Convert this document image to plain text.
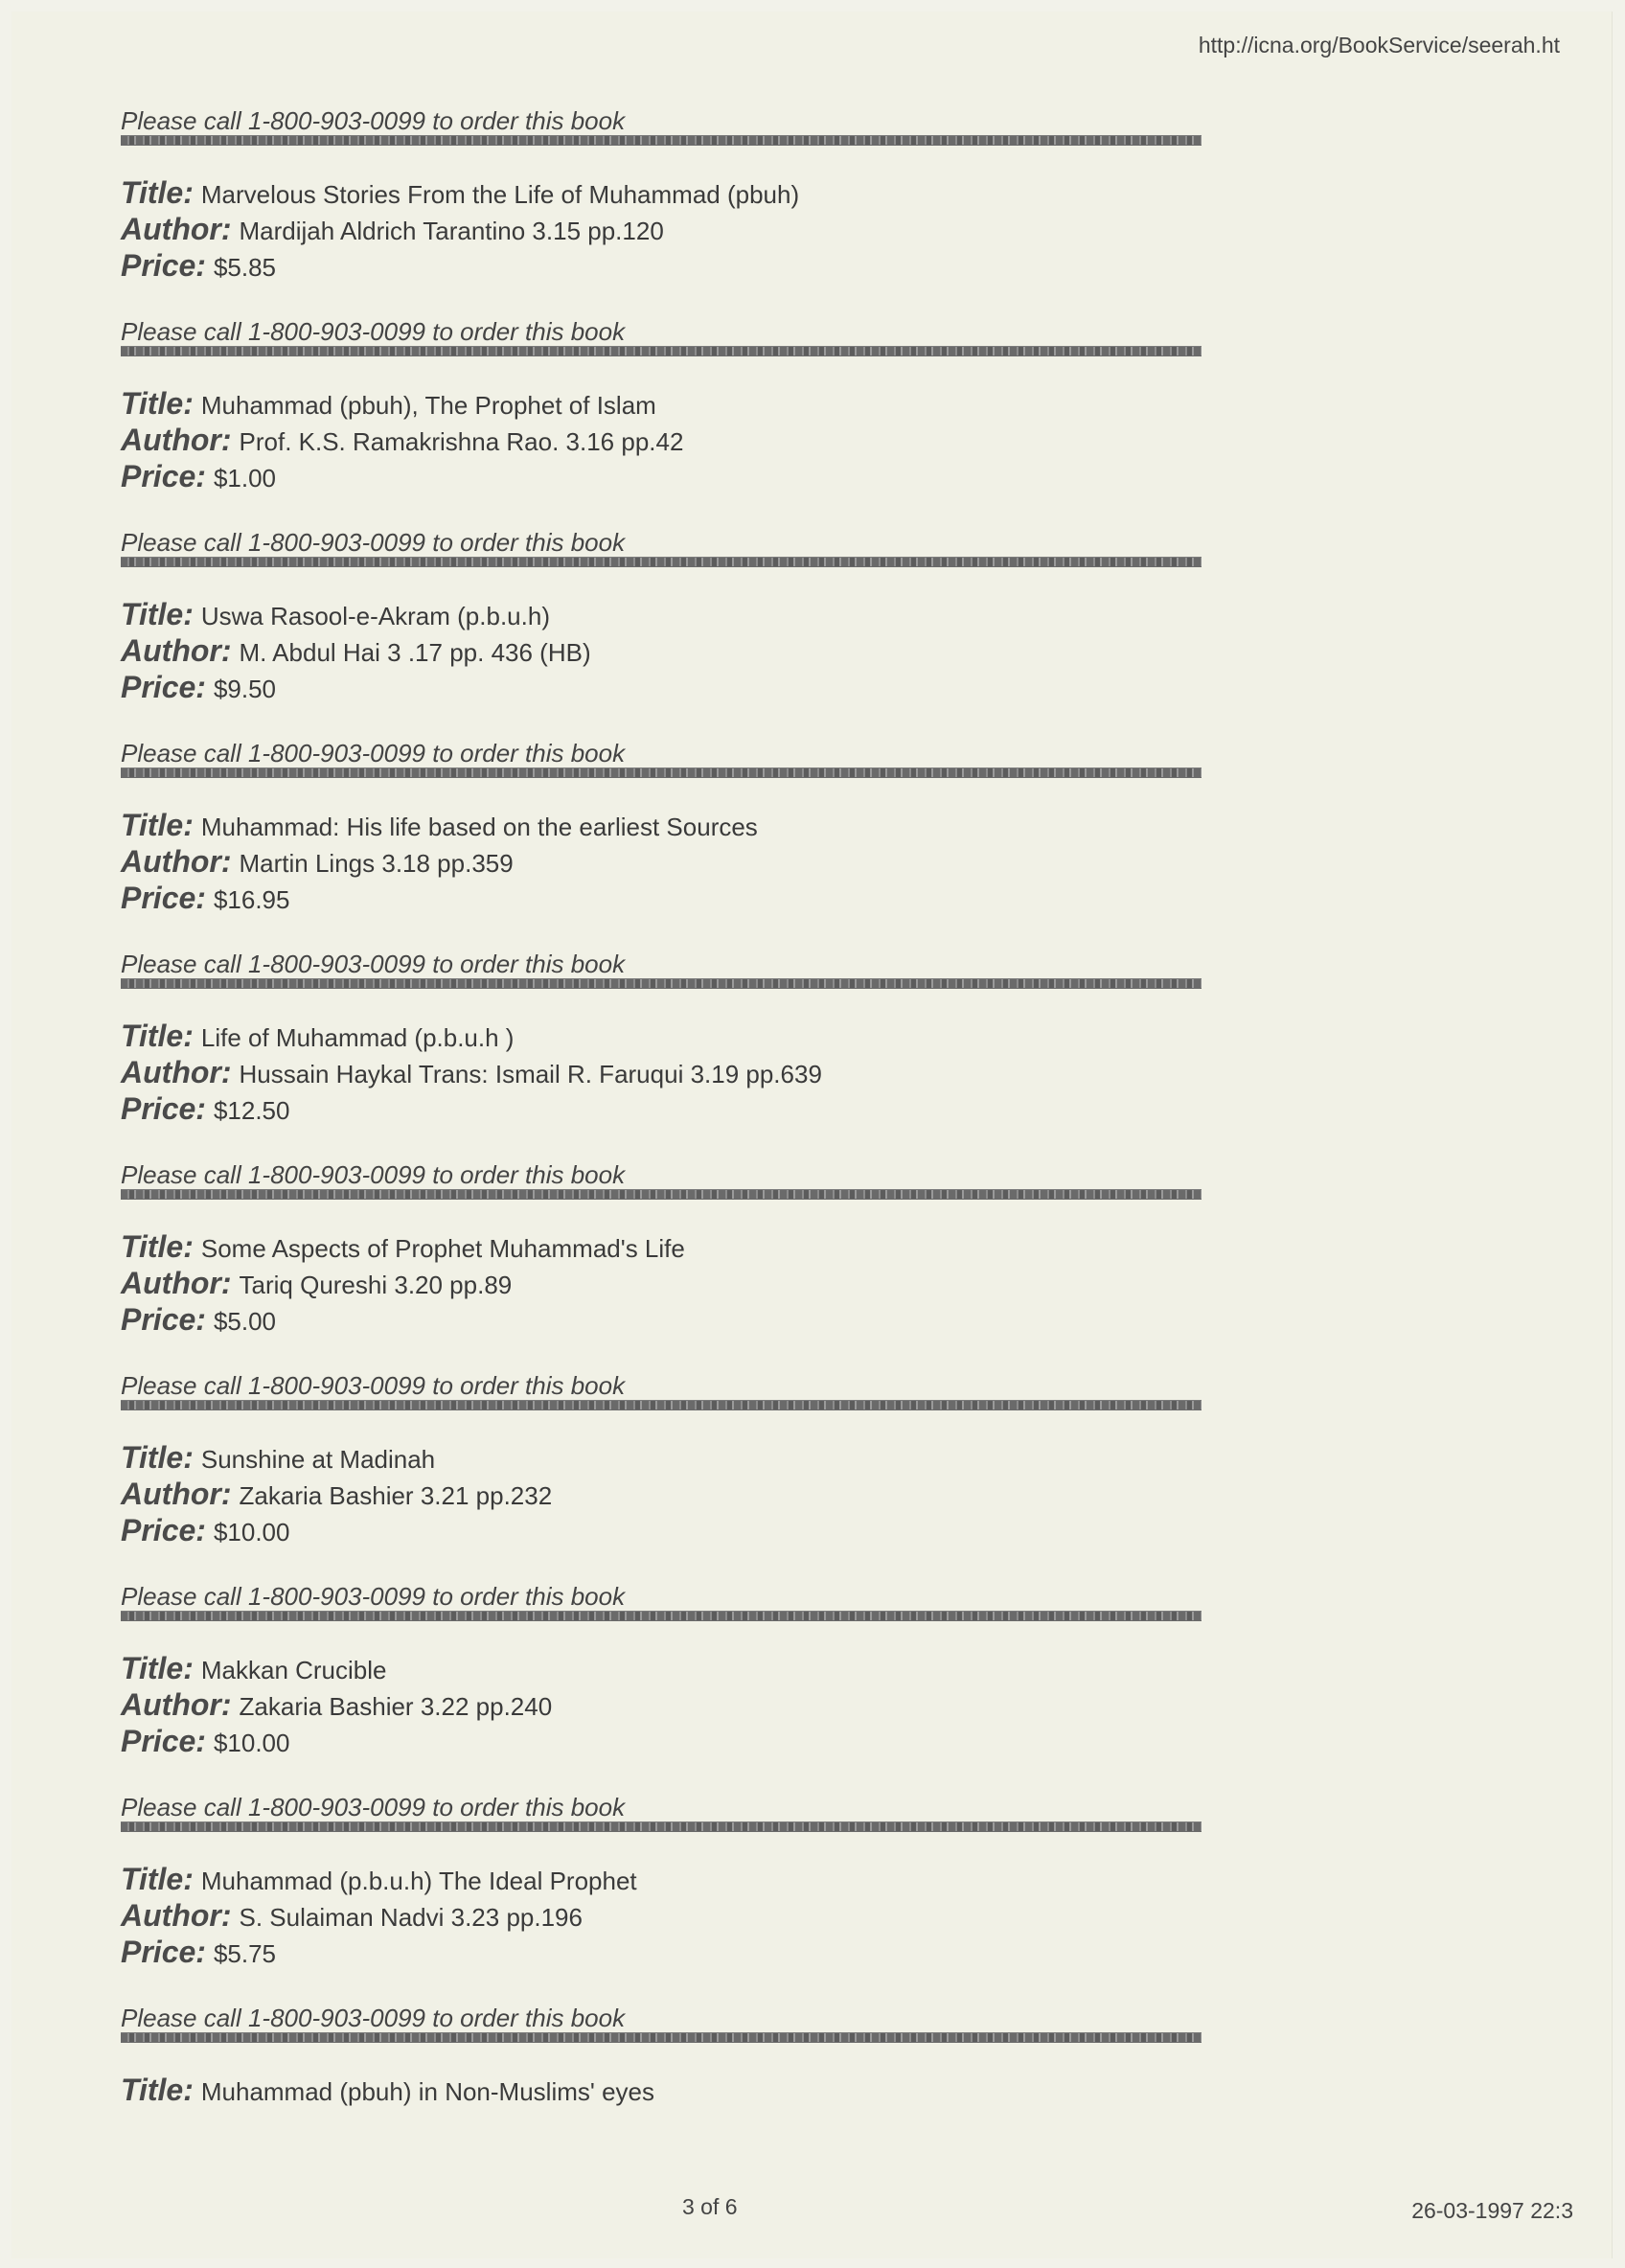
http://icna.org/BookService/seerah.ht
Please call 1-800-903-0099 to order this book
Title: Marvelous Stories From the Life of Muhammad (pbuh)
Author: Mardijah Aldrich Tarantino 3.15 pp.120
Price: $5.85
Please call 1-800-903-0099 to order this book
Title: Muhammad (pbuh), The Prophet of Islam
Author: Prof. K.S. Ramakrishna Rao. 3.16 pp.42
Price: $1.00
Please call 1-800-903-0099 to order this book
Title: Uswa Rasool-e-Akram (p.b.u.h)
Author: M. Abdul Hai 3 .17 pp. 436 (HB)
Price: $9.50
Please call 1-800-903-0099 to order this book
Title: Muhammad: His life based on the earliest Sources
Author: Martin Lings 3.18 pp.359
Price: $16.95
Please call 1-800-903-0099 to order this book
Title: Life of Muhammad (p.b.u.h )
Author: Hussain Haykal Trans: Ismail R. Faruqui 3.19 pp.639
Price: $12.50
Please call 1-800-903-0099 to order this book
Title: Some Aspects of Prophet Muhammad's Life
Author: Tariq Qureshi 3.20 pp.89
Price: $5.00
Please call 1-800-903-0099 to order this book
Title: Sunshine at Madinah
Author: Zakaria Bashier 3.21 pp.232
Price: $10.00
Please call 1-800-903-0099 to order this book
Title: Makkan Crucible
Author: Zakaria Bashier 3.22 pp.240
Price: $10.00
Please call 1-800-903-0099 to order this book
Title: Muhammad (p.b.u.h) The Ideal Prophet
Author: S. Sulaiman Nadvi 3.23 pp.196
Price: $5.75
Please call 1-800-903-0099 to order this book
Title: Muhammad (pbuh) in Non-Muslims' eyes
3 of 6	26-03-1997 22:3
